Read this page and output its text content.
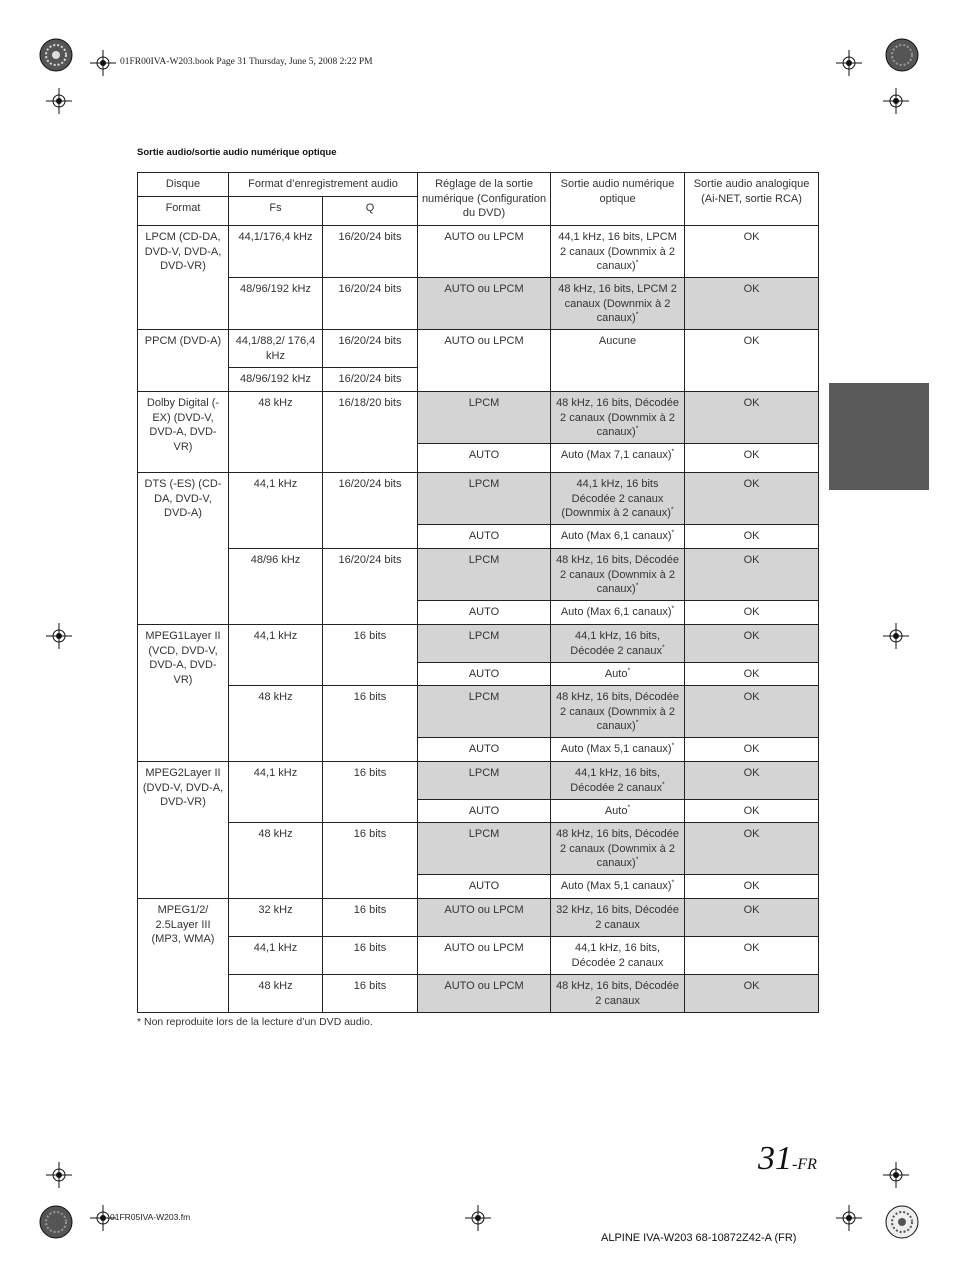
01FR00IVA-W203.book Page 31 Thursday, June 5, 2008 2:22 PM
Sortie audio/sortie audio numérique optique
Disque	Format d’enregistrement audio		Réglage de la sortie numérique (Configuration du DVD)	Sortie audio numérique optique	Sortie audio analogique (Ai-NET, sortie RCA)
Format	Fs	Q			
LPCM (CD-DA, DVD-V, DVD-A, DVD-VR)	44,1/176,4 kHz	16/20/24 bits	AUTO ou LPCM	44,1 kHz, 16 bits, LPCM 2 canaux (Downmix à 2 canaux)*	OK
	48/96/192 kHz	16/20/24 bits	AUTO ou LPCM	48 kHz, 16 bits, LPCM 2 canaux (Downmix à 2 canaux)*	OK
PPCM (DVD-A)	44,1/88,2/ 176,4 kHz	16/20/24 bits	AUTO ou LPCM	Aucune	OK
	48/96/192 kHz	16/20/24 bits			
Dolby Digital (-EX) (DVD-V, DVD-A, DVD-VR)	48 kHz	16/18/20 bits	LPCM	48 kHz, 16 bits, Décodée 2 canaux (Downmix à 2 canaux)*	OK
			AUTO	Auto (Max 7,1 canaux)*	OK
DTS (-ES) (CD-DA, DVD-V, DVD-A)	44,1 kHz	16/20/24 bits	LPCM	44,1 kHz, 16 bits Décodée 2 canaux (Downmix à 2 canaux)*	OK
			AUTO	Auto (Max 6,1 canaux)*	OK
	48/96 kHz	16/20/24 bits	LPCM	48 kHz, 16 bits, Décodée 2 canaux (Downmix à 2 canaux)*	OK
			AUTO	Auto (Max 6,1 canaux)*	OK
MPEG1Layer II (VCD, DVD-V, DVD-A, DVD-VR)	44,1 kHz	16 bits	LPCM	44,1 kHz, 16 bits, Décodée 2 canaux*	OK
			AUTO	Auto*	OK
	48 kHz	16 bits	LPCM	48 kHz, 16 bits, Décodée 2 canaux (Downmix à 2 canaux)*	OK
			AUTO	Auto (Max 5,1 canaux)*	OK
MPEG2Layer II (DVD-V, DVD-A, DVD-VR)	44,1 kHz	16 bits	LPCM	44,1 kHz, 16 bits, Décodée 2 canaux*	OK
			AUTO	Auto*	OK
	48 kHz	16 bits	LPCM	48 kHz, 16 bits, Décodée 2 canaux (Downmix à 2 canaux)*	OK
			AUTO	Auto (Max 5,1 canaux)*	OK
MPEG1/2/ 2.5Layer III (MP3, WMA)	32 kHz	16 bits	AUTO ou LPCM	32 kHz, 16 bits, Décodée 2 canaux	OK
	44,1 kHz	16 bits	AUTO ou LPCM	44,1 kHz, 16 bits, Décodée 2 canaux	OK
	48 kHz	16 bits	AUTO ou LPCM	48 kHz, 16 bits, Décodée 2 canaux	OK
* Non reproduite lors de la lecture d’un DVD audio.
31-FR
01FR05IVA-W203.fm
ALPINE IVA-W203 68-10872Z42-A (FR)
